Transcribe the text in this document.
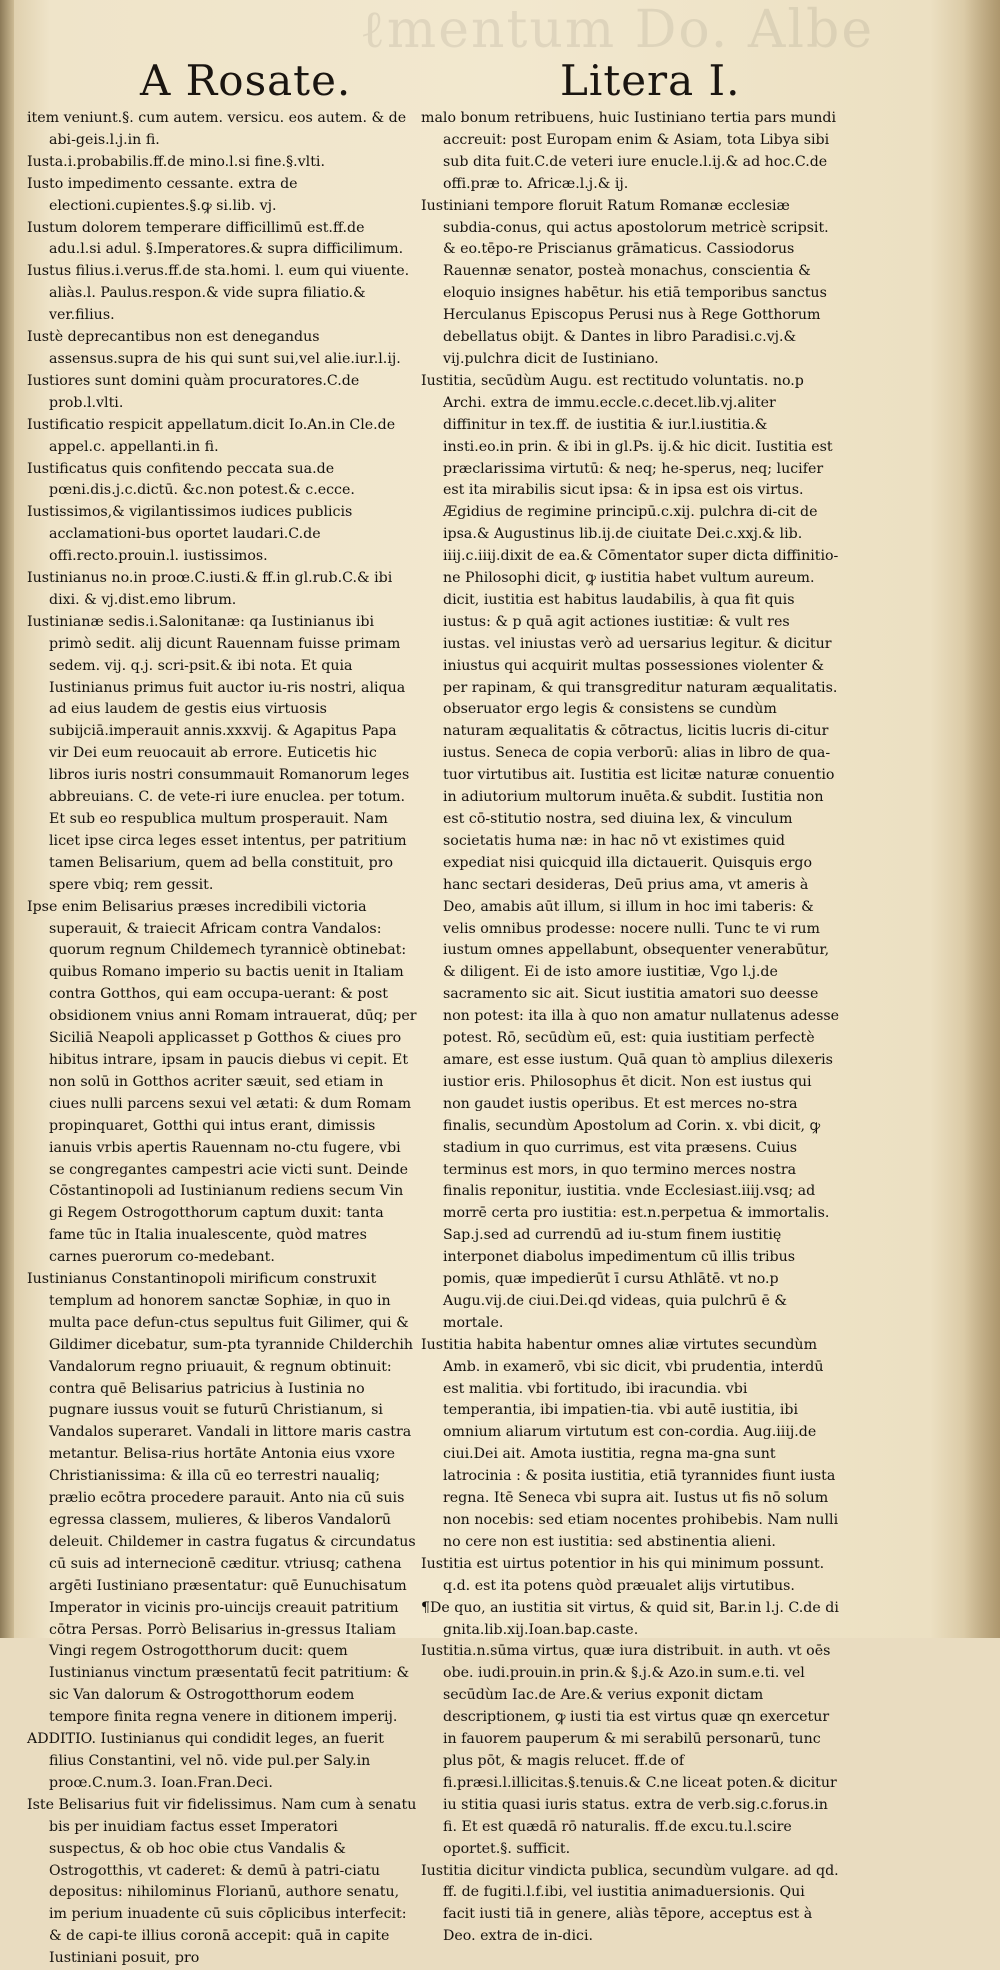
ℓmentum Do. Albe
A Rosate.	Litera I.

item veniunt.§. cum autem. versicu. eos autem. & de abi-geis.l.j.in fi.

Iusta.i.probabilis.ff.de mino.l.si fine.§.vlti.

Iusto impedimento cessante. extra de electioni.cupientes.§.ꝙ si.lib. vj.

Iustum dolorem temperare difficillimū est.ff.de adu.l.si adul. §.Imperatores.& supra difficilimum.

Iustus filius.i.verus.ff.de sta.homi. l. eum qui viuente. aliàs.l. Paulus.respon.& vide supra filiatio.& ver.filius.

Iustè deprecantibus non est denegandus assensus.supra de his qui sunt sui,vel alie.iur.l.ij.

Iustiores sunt domini quàm procuratores.C.de prob.l.vlti.

Iustificatio respicit appellatum.dicit Io.An.in Cle.de appel.c. appellanti.in fi.

Iustificatus quis confitendo peccata sua.de pœni.dis.j.c.dictū. &c.non potest.& c.ecce.

Iustissimos,& vigilantissimos iudices publicis acclamationi-bus oportet laudari.C.de offi.recto.prouin.l. iustissimos.

Iustinianus no.in proœ.C.iusti.& ff.in gl.rub.C.& ibi dixi. & vj.dist.emo librum.

Iustinianæ sedis.i.Salonitanæ: qa Iustinianus ibi primò sedit. alij dicunt Rauennam fuisse primam sedem. vij. q.j. scri-psit.& ibi nota. Et quia Iustinianus primus fuit auctor iu-ris nostri, aliqua ad eius laudem de gestis eius virtuosis subijciā.imperauit annis.xxxvij. & Agapitus Papa vir Dei eum reuocauit ab errore. Euticetis hic libros iuris nostri consummauit Romanorum leges abbreuians. C. de vete-ri iure enuclea. per totum. Et sub eo respublica multum prosperauit. Nam licet ipse circa leges esset intentus, per patritium tamen Belisarium, quem ad bella constituit, pro spere vbiq; rem gessit.

Ipse enim Belisarius præses incredibili victoria superauit, & traiecit Africam contra Vandalos: quorum regnum Childemech tyrannicè obtinebat: quibus Romano imperio su bactis uenit in Italiam contra Gotthos, qui eam occupa-uerant: & post obsidionem vnius anni Romam intrauerat, dūq; per Siciliā Neapoli applicasset p Gotthos & ciues pro hibitus intrare, ipsam in paucis diebus vi cepit. Et non solū in Gotthos acriter sæuit, sed etiam in ciues nulli parcens sexui vel ætati: & dum Romam propinquaret, Gotthi qui intus erant, dimissis ianuis vrbis apertis Rauennam no-ctu fugere, vbi se congregantes campestri acie victi sunt. Deinde Cōstantinopoli ad Iustinianum rediens secum Vin gi Regem Ostrogotthorum captum duxit: tanta fame tūc in Italia inualescente, quòd matres carnes puerorum co-medebant.

Iustinianus Constantinopoli mirificum construxit templum ad honorem sanctæ Sophiæ, in quo in multa pace defun-ctus sepultus fuit Gilimer, qui & Gildimer dicebatur, sum-pta tyrannide Childerchih Vandalorum regno priuauit, & regnum obtinuit: contra quē Belisarius patricius à Iustinia no pugnare iussus vouit se futurū Christianum, si Vandalos superaret. Vandali in littore maris castra metantur. Belisa-rius hortāte Antonia eius vxore Christianissima: & illa cū eo terrestri naualiq; prælio ecōtra procedere parauit. Anto nia cū suis egressa classem, mulieres, & liberos Vandalorū deleuit. Childemer in castra fugatus & circundatus cū suis ad internecionē cæditur. vtriusq; cathena argēti Iustiniano præsentatur: quē Eunuchisatum Imperator in vicinis pro-uincijs creauit patritium cōtra Persas. Porrò Belisarius in-gressus Italiam Vingi regem Ostrogotthorum ducit: quem Iustinianus vinctum præsentatū fecit patritium: & sic Van dalorum & Ostrogotthorum eodem tempore finita regna venere in ditionem imperij.

ADDITIO. Iustinianus qui condidit leges, an fuerit filius Constantini, vel nō. vide pul.per Saly.in proœ.C.num.3. Ioan.Fran.Deci.

Iste Belisarius fuit vir fidelissimus. Nam cum à senatu bis per inuidiam factus esset Imperatori suspectus, & ob hoc obie ctus Vandalis & Ostrogotthis, vt caderet: & demū à patri-ciatu depositus: nihilominus Florianū, authore senatu, im perium inuadente cū suis cōplicibus interfecit: & de capi-te illius coronā accepit: quā in capite Iustiniani posuit, pro

malo bonum retribuens, huic Iustiniano tertia pars mundi accreuit: post Europam enim & Asiam, tota Libya sibi sub dita fuit.C.de veteri iure enucle.l.ij.& ad hoc.C.de offi.præ to. Africæ.l.j.& ij.

Iustiniani tempore floruit Ratum Romanæ ecclesiæ subdia-conus, qui actus apostolorum metricè scripsit. & eo.tēpo-re Priscianus grāmaticus. Cassiodorus Rauennæ senator, posteà monachus, conscientia & eloquio insignes habētur. his etiā temporibus sanctus Herculanus Episcopus Perusi nus à Rege Gotthorum debellatus obijt. & Dantes in libro Paradisi.c.vj.& vij.pulchra dicit de Iustiniano.

Iustitia, secūdùm Augu. est rectitudo voluntatis. no.p Archi. extra de immu.eccle.c.decet.lib.vj.aliter diffinitur in tex.ff. de iustitia & iur.l.iustitia.& insti.eo.in prin. & ibi in gl.Ps. ij.& hic dicit. Iustitia est præclarissima virtutū: & neq; he-sperus, neq; lucifer est ita mirabilis sicut ipsa: & in ipsa est ois virtus. Ægidius de regimine principū.c.xij. pulchra di-cit de ipsa.& Augustinus lib.ij.de ciuitate Dei.c.xxj.& lib. iiij.c.iiij.dixit de ea.& Cōmentator super dicta diffinitio-ne Philosophi dicit, ꝙ iustitia habet vultum aureum. dicit, iustitia est habitus laudabilis, à qua fit quis iustus: & p quā agit actiones iustitiæ: & vult res iustas. vel iniustas verò ad uersarius legitur. & dicitur iniustus qui acquirit multas possessiones violenter & per rapinam, & qui transgreditur naturam æqualitatis. obseruator ergo legis & consistens se cundùm naturam æqualitatis & cōtractus, licitis lucris di-citur iustus. Seneca de copia verborū: alias in libro de qua-tuor virtutibus ait. Iustitia est licitæ naturæ conuentio in adiutorium multorum inuēta.& subdit. Iustitia non est cō-stitutio nostra, sed diuina lex, & vinculum societatis huma næ: in hac nō vt existimes quid expediat nisi quicquid illa dictauerit. Quisquis ergo hanc sectari desideras, Deū prius ama, vt ameris à Deo, amabis aūt illum, si illum in hoc imi taberis: & velis omnibus prodesse: nocere nulli. Tunc te vi rum iustum omnes appellabunt, obsequenter venerabūtur, & diligent. Ei de isto amore iustitiæ, Vgo l.j.de sacramento sic ait. Sicut iustitia amatori suo deesse non potest: ita illa à quo non amatur nullatenus adesse potest. Rō, secūdùm eū, est: quia iustitiam perfectè amare, est esse iustum. Quā quan tò amplius dilexeris iustior eris. Philosophus ēt dicit. Non est iustus qui non gaudet iustis operibus. Et est merces no-stra finalis, secundùm Apostolum ad Corin. x. vbi dicit, ꝙ stadium in quo currimus, est vita præsens. Cuius terminus est mors, in quo termino merces nostra finalis reponitur, iustitia. vnde Ecclesiast.iiij.vsq; ad morrē certa pro iustitia: est.n.perpetua & immortalis. Sap.j.sed ad currendū ad iu-stum finem iustitię interponet diabolus impedimentum cū illis tribus pomis, quæ impedierūt ī cursu Athlātē. vt no.p Augu.vij.de ciui.Dei.qd videas, quia pulchrū ē & mortale.

Iustitia habita habentur omnes aliæ virtutes secundùm Amb. in examerō, vbi sic dicit, vbi prudentia, interdū est malitia. vbi fortitudo, ibi iracundia. vbi temperantia, ibi impatien-tia. vbi autē iustitia, ibi omnium aliarum virtutum est con-cordia. Aug.iiij.de ciui.Dei ait. Amota iustitia, regna ma-gna sunt latrocinia : & posita iustitia, etiā tyrannides fiunt iusta regna. Itē Seneca vbi supra ait. Iustus ut fis nō solum non nocebis: sed etiam nocentes prohibebis. Nam nulli no cere non est iustitia: sed abstinentia alieni.

Iustitia est uirtus potentior in his qui minimum possunt. q.d. est ita potens quòd præualet alijs virtutibus.

¶De quo, an iustitia sit virtus, & quid sit, Bar.in l.j. C.de di gnita.lib.xij.Ioan.bap.caste.

Iustitia.n.sūma virtus, quæ iura distribuit. in auth. vt oēs obe. iudi.prouin.in prin.& §.j.& Azo.in sum.e.ti. vel secūdùm Iac.de Are.& verius exponit dictam descriptionem, ꝙ iusti tia est virtus quæ qn exercetur in fauorem pauperum & mi serabilū personarū, tunc plus pōt, & magis relucet. ff.de of fi.præsi.l.illicitas.§.tenuis.& C.ne liceat poten.& dicitur iu stitia quasi iuris status. extra de verb.sig.c.forus.in fi. Et est quædā rō naturalis. ff.de excu.tu.l.scire oportet.§. sufficit.

Iustitia dicitur vindicta publica, secundùm vulgare. ad qd. ff. de fugiti.l.f.ibi, vel iustitia animaduersionis. Qui facit iusti tiā in genere, aliàs tēpore, acceptus est à Deo. extra de in-dici.
